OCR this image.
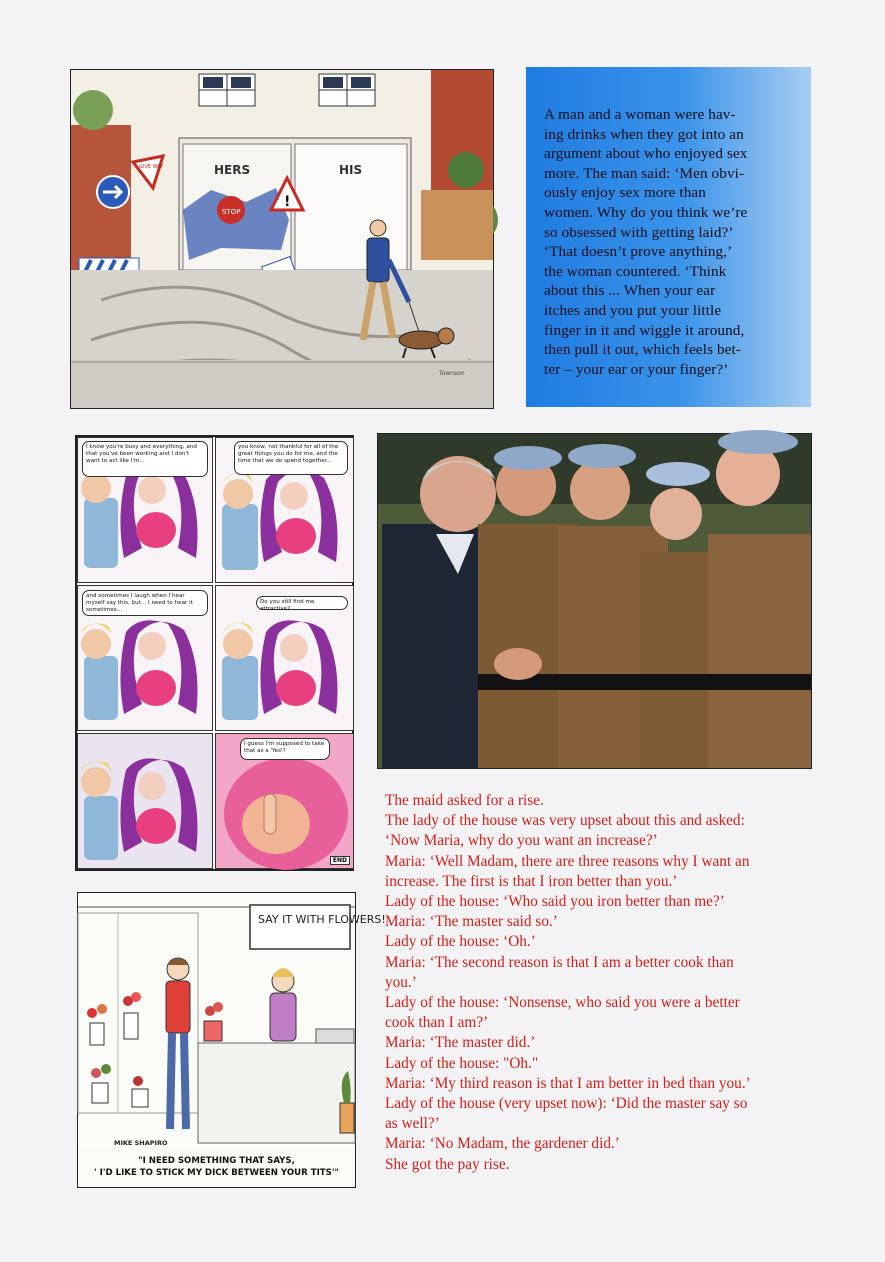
STOP
HERS	HIS
!
GIVE WAY
Townson

A man and a woman were hav-

ing drinks when they got into an

argument about who enjoyed sex

more. The man said: ‘Men obvi-

ously enjoy sex more than

women. Why do you think we’re

so obsessed with getting laid?’

‘That doesn’t prove anything,’

the woman countered. ‘Think

about this ... When your ear

itches and you put your little

finger in it and wiggle it around,

then pull it out, which feels bet-

ter – your ear or your finger?’

I know you're busy and everything, and that you've been working and I don't want to act like I'm...
you know, not thankful for all of the great things you do for me, and the time that we do spend together...
and sometimes I laugh when I hear myself say this, but... I need to hear it sometimes...
Do you still find me attractive?
I guess I'm supposed to take that as a 'Yes'?
END
SAY IT WITH FLOWERS!
MIKE SHAPIRO
"I NEED SOMETHING THAT SAYS,
' I'D LIKE TO STICK MY DICK BETWEEN YOUR TITS'"
The maid asked for a rise.
The lady of the house was very upset about this and asked:
‘Now Maria, why do you want an increase?’
Maria: ‘Well Madam, there are three reasons why I want an
increase. The first is that I iron better than you.’
Lady of the house: ‘Who said you iron better than me?’
Maria: ‘The master said so.’
Lady of the house: ‘Oh.’
Maria: ‘The second reason is that I am a better cook than
you.’
Lady of the house: ‘Nonsense, who said you were a better
cook than I am?’
Maria: ‘The master did.’
Lady of the house: "Oh."
Maria: ‘My third reason is that I am better in bed than you.’
Lady of the house (very upset now): ‘Did the master say so
as well?’
Maria: ‘No Madam, the gardener did.’
She got the pay rise.
